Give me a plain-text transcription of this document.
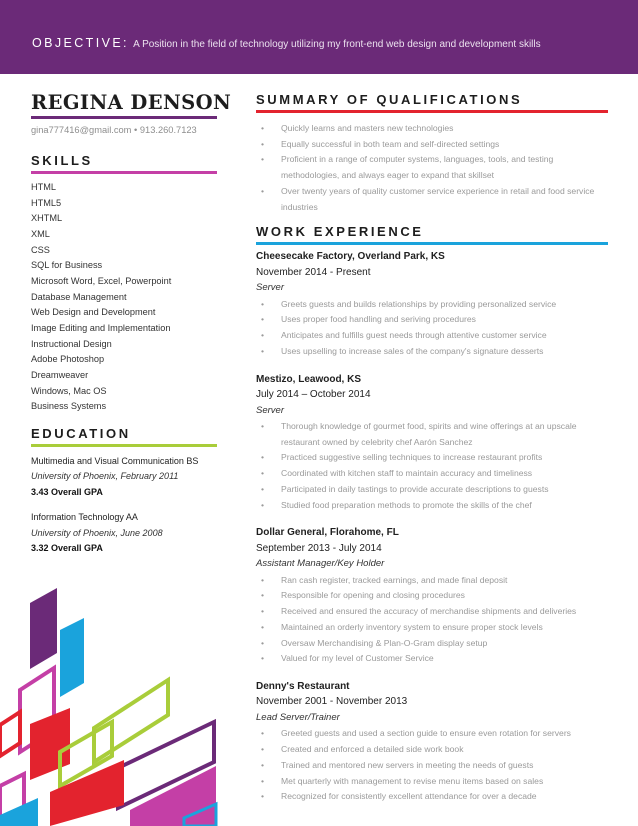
OBJECTIVE: A Position in the field of technology utilizing my front-end web design and development skills
REGINA DENSON
gina777416@gmail.com • 913.260.7123
SKILLS
HTML
HTML5
XHTML
XML
CSS
SQL for Business
Microsoft Word, Excel, Powerpoint
Database Management
Web Design and Development
Image Editing and Implementation
Instructional Design
Adobe Photoshop
Dreamweaver
Windows, Mac OS
Business Systems
EDUCATION
Multimedia and Visual Communication BS
University of Phoenix, February 2011
3.43 Overall GPA
Information Technology AA
University of Phoenix, June 2008
3.32 Overall GPA
SUMMARY OF QUALIFICATIONS
• Quickly learns and masters new technologies
• Equally successful in both team and self-directed settings
• Proficient in a range of computer systems, languages, tools, and testing methodologies, and always eager to expand that skillset
• Over twenty years of quality customer service experience in retail and food service industries
WORK EXPERIENCE
Cheesecake Factory, Overland Park, KS
November 2014 - Present
Server
• Greets guests and builds relationships by providing personalized service
• Uses proper food handling and seriving procedures
• Anticipates and fulfills guest needs through attentive customer service
• Uses upselling to increase sales of the company's signature desserts
Mestizo, Leawood, KS
July 2014 – October 2014
Server
• Thorough knowledge of gourmet food, spirits and wine offerings at an upscale restaurant owned by celebrity chef Aarón Sanchez
• Practiced suggestive selling techniques to increase restaurant profits
• Coordinated with kitchen staff to maintain accuracy and timeliness
• Participated in daily tastings to provide accurate descriptions to guests
• Studied food preparation methods to promote the skills of the chef
Dollar General, Florahome, FL
September 2013 - July 2014
Assistant Manager/Key Holder
• Ran cash register, tracked earnings, and made final deposit
• Responsible for opening and closing procedures
• Received and ensured the accuracy of merchandise shipments and deliveries
• Maintained an orderly inventory system to ensure proper stock levels
• Oversaw Merchandising & Plan-O-Gram display setup
• Valued for my level of Customer Service
Denny's Restaurant
November 2001 - November 2013
Lead Server/Trainer
• Greeted guests and used a section guide to ensure even rotation for servers
• Created and enforced a detailed side work book
• Trained and mentored new servers in meeting the needs of guests
• Met quarterly with management to revise menu items based on sales
• Recognized for consistently excellent attendance for over a decade
